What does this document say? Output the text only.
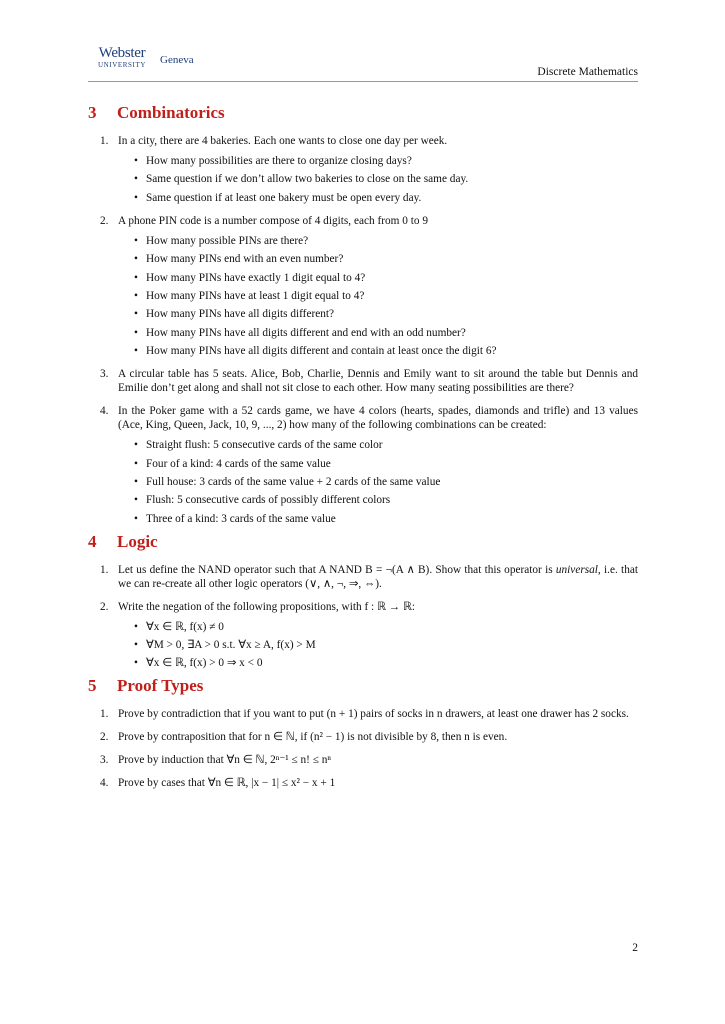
Webster
UNIVERSITY Geneva
Discrete Mathematics
3	Combinatorics
1. In a city, there are 4 bakeries. Each one wants to close one day per week.
• How many possibilities are there to organize closing days?
• Same question if we don’t allow two bakeries to close on the same day.
• Same question if at least one bakery must be open every day.
2. A phone PIN code is a number compose of 4 digits, each from 0 to 9
• How many possible PINs are there?
• How many PINs end with an even number?
• How many PINs have exactly 1 digit equal to 4?
• How many PINs have at least 1 digit equal to 4?
• How many PINs have all digits different?
• How many PINs have all digits different and end with an odd number?
• How many PINs have all digits different and contain at least once the digit 6?
3. A circular table has 5 seats. Alice, Bob, Charlie, Dennis and Emily want to sit around the table but Dennis and Emilie don’t get along and shall not sit close to each other. How many seating possibilities are there?
4. In the Poker game with a 52 cards game, we have 4 colors (hearts, spades, diamonds and trifle) and 13 values (Ace, King, Queen, Jack, 10, 9, ..., 2) how many of the following combinations can be created:
• Straight flush: 5 consecutive cards of the same color
• Four of a kind: 4 cards of the same value
• Full house: 3 cards of the same value + 2 cards of the same value
• Flush: 5 consecutive cards of possibly different colors
• Three of a kind: 3 cards of the same value
4	Logic
1. Let us define the NAND operator such that A NAND B = ¬(A ∧ B). Show that this operator is universal, i.e. that we can re-create all other logic operators (∨, ∧, ¬, ⇒, ⇔).
2. Write the negation of the following propositions, with f : ℝ → ℝ:
• ∀x ∈ ℝ, f(x) ≠ 0
• ∀M > 0, ∃A > 0 s.t. ∀x ≥ A, f(x) > M
• ∀x ∈ ℝ, f(x) > 0 ⇒ x < 0
5	Proof Types
1. Prove by contradiction that if you want to put (n + 1) pairs of socks in n drawers, at least one drawer has 2 socks.
2. Prove by contraposition that for n ∈ ℕ, if (n² − 1) is not divisible by 8, then n is even.
3. Prove by induction that ∀n ∈ ℕ, 2ⁿ⁻¹ ≤ n! ≤ nⁿ
4. Prove by cases that ∀n ∈ ℝ, |x − 1| ≤ x² − x + 1
2
